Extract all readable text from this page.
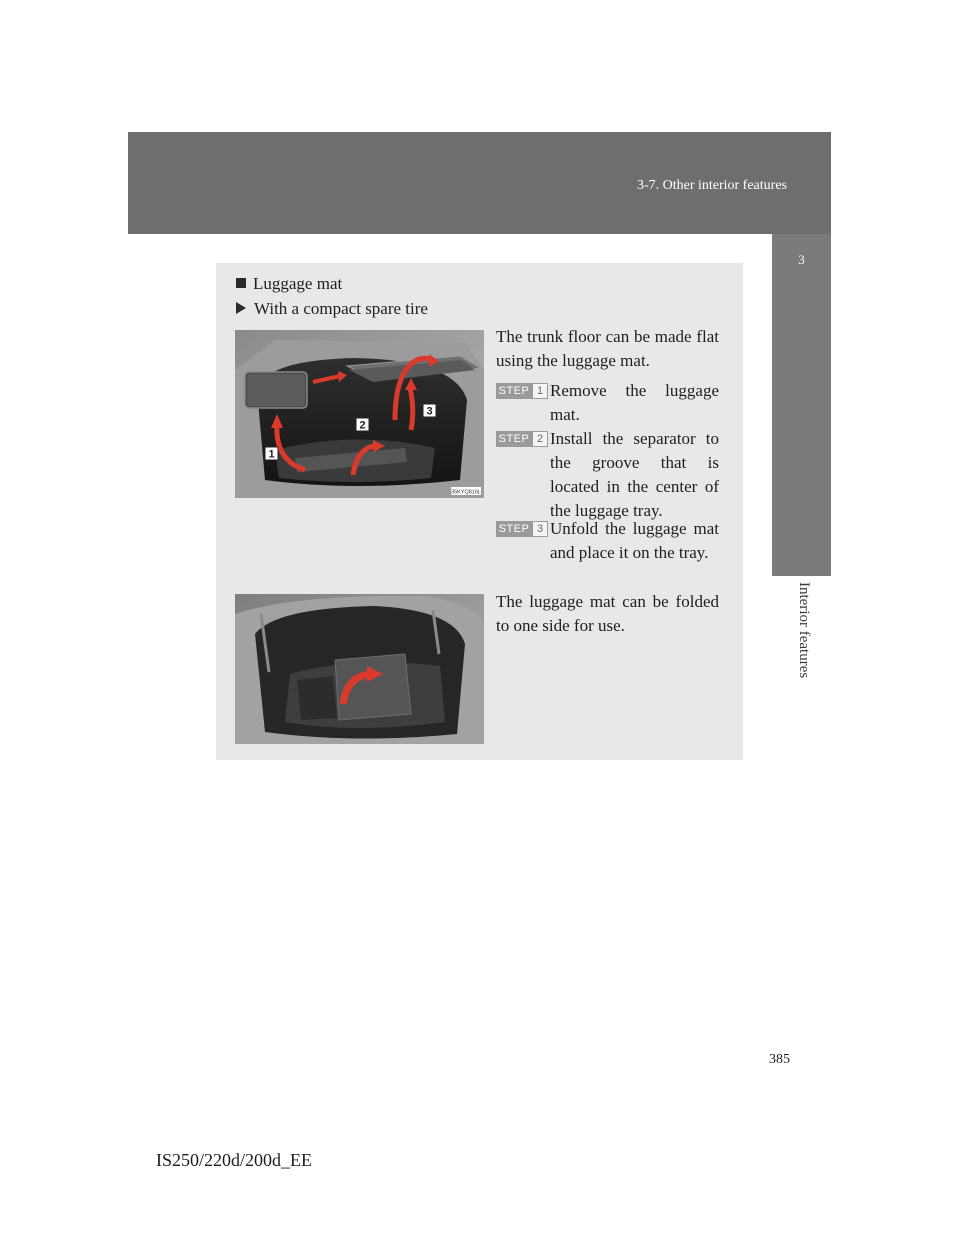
3-7. Other interior features
3
Interior features
Luggage mat
With a compact spare tire
1
2
3
35KYQ816L
The trunk floor can be made flat using the luggage mat.
STEP 1 Remove the luggage mat.
STEP 2 Install the separator to the groove that is located in the center of the luggage tray.
STEP 3 Unfold the luggage mat and place it on the tray.
The luggage mat can be folded to one side for use.
385
IS250/220d/200d_EE
